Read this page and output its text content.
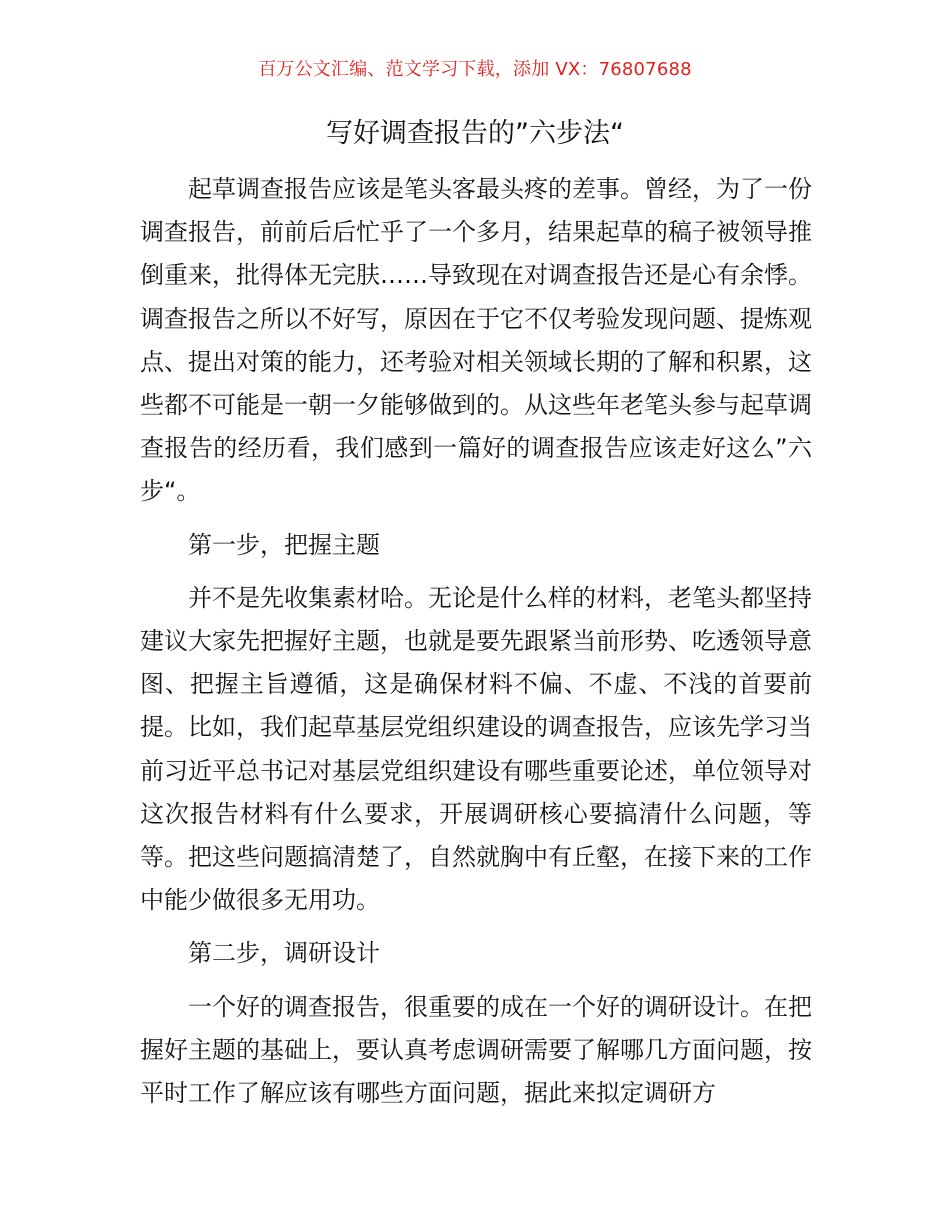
百万公文汇编、范文学习下载，添加 VX：76807688
写好调查报告的”六步法“

起草调查报告应该是笔头客最头疼的差事。曾经，为了一份调查报告，前前后后忙乎了一个多月，结果起草的稿子被领导推倒重来，批得体无完肤……导致现在对调查报告还是心有余悸。调查报告之所以不好写，原因在于它不仅考验发现问题、提炼观点、提出对策的能力，还考验对相关领域长期的了解和积累，这些都不可能是一朝一夕能够做到的。从这些年老笔头参与起草调查报告的经历看，我们感到一篇好的调查报告应该走好这么”六步“。

第一步，把握主题

并不是先收集素材哈。无论是什么样的材料，老笔头都坚持建议大家先把握好主题，也就是要先跟紧当前形势、吃透领导意图、把握主旨遵循，这是确保材料不偏、不虚、不浅的首要前提。比如，我们起草基层党组织建设的调查报告，应该先学习当前习近平总书记对基层党组织建设有哪些重要论述，单位领导对这次报告材料有什么要求，开展调研核心要搞清什么问题，等等。把这些问题搞清楚了，自然就胸中有丘壑，在接下来的工作中能少做很多无用功。

第二步，调研设计

一个好的调查报告，很重要的成在一个好的调研设计。在把握好主题的基础上，要认真考虑调研需要了解哪几方面问题，按平时工作了解应该有哪些方面问题，据此来拟定调研方
